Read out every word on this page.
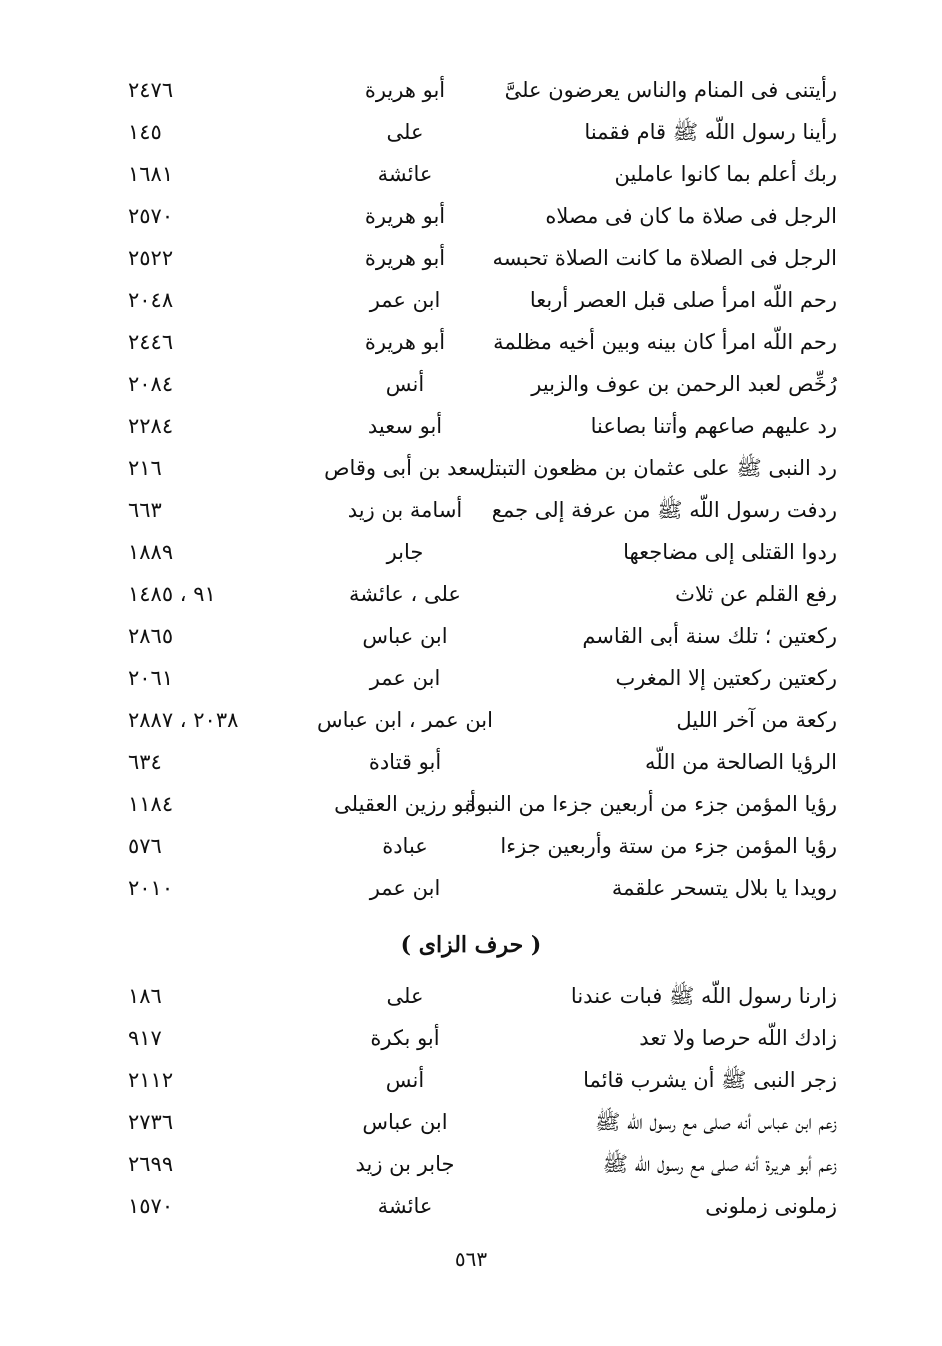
رأيتنى فى المنام والناس يعرضون علىَّ
أبو هريرة
٢٤٧٦
رأينا رسول اللّه ﷺ قام فقمنا
على
١٤٥
ربك أعلم بما كانوا عاملين
عائشة
١٦٨١
الرجل فى صلاة ما كان فى مصلاه
أبو هريرة
٢٥٧٠
الرجل فى الصلاة ما كانت الصلاة تحبسه
أبو هريرة
٢٥٢٢
رحم اللّه امرأ صلى قبل العصر أربعا
ابن عمر
٢٠٤٨
رحم اللّه امرأ كان بينه وبين أخيه مظلمة
أبو هريرة
٢٤٤٦
رُخِّص لعبد الرحمن بن عوف والزبير
أنس
٢٠٨٤
رد عليهم صاعهم وأتنا بصاعنا
أبو سعيد
٢٢٨٤
رد النبى ﷺ على عثمان بن مظعون التبتل
سعد بن أبى وقاص
٢١٦
ردفت رسول اللّه ﷺ من عرفة إلى جمع
أسامة بن زيد
٦٦٣
ردوا القتلى إلى مضاجعها
جابر
١٨٨٩
رفع القلم عن ثلاث
على ، عائشة
٩١ ، ١٤٨٥
ركعتين ؛ تلك سنة أبى القاسم
ابن عباس
٢٨٦٥
ركعتين ركعتين إلا المغرب
ابن عمر
٢٠٦١
ركعة من آخر الليل
ابن عمر ، ابن عباس
٢٠٣٨ ، ٢٨٨٧
الرؤيا الصالحة من اللّه
أبو قتادة
٦٣٤
رؤيا المؤمن جزء من أربعين جزءا من النبوة
أبو رزين العقيلى
١١٨٤
رؤيا المؤمن جزء من ستة وأربعين جزءا
عبادة
٥٧٦
رويدا يا بلال يتسحر علقمة
ابن عمر
٢٠١٠
( حرف الزاى )
زارنا رسول اللّه ﷺ فبات عندنا
على
١٨٦
زادك اللّه حرصا ولا تعد
أبو بكرة
٩١٧
زجر النبى ﷺ أن يشرب قائما
أنس
٢١١٢
زعم ابن عباس أنه صلى مع رسول اللّه ﷺ
ابن عباس
٢٧٣٦
زعم أبو هريرة أنه صلى مع رسول اللّه ﷺ
جابر بن زيد
٢٦٩٩
زملونى زملونى
عائشة
١٥٧٠
٥٦٣
